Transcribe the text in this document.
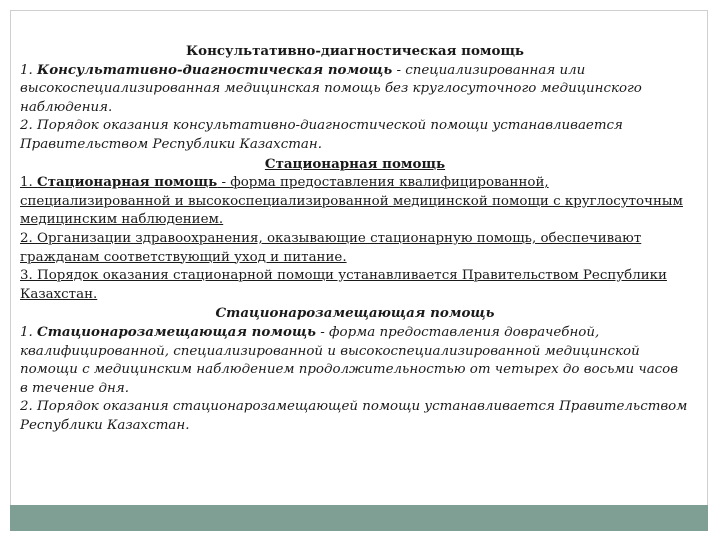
Консультативно-диагностическая помощь

1. Консультативно-диагностическая помощь - специализированная или высокоспециализированная медицинская помощь без круглосуточного медицинского наблюдения.

2. Порядок оказания консультативно-диагностической помощи устанавливается Правительством Республики Казахстан.

Стационарная помощь

1. Стационарная помощь - форма предоставления квалифицированной, специализированной и высокоспециализированной медицинской помощи с круглосуточным медицинским наблюдением.

2. Организации здравоохранения, оказывающие стационарную помощь, обеспечивают гражданам соответствующий уход и питание.

3. Порядок оказания стационарной помощи устанавливается Правительством Республики Казахстан.

Стационарозамещающая помощь

1. Стационарозамещающая помощь - форма предоставления доврачебной, квалифицированной, специализированной и высокоспециализированной медицинской помощи с медицинским наблюдением продолжительностью от четырех до восьми часов в течение дня.

2. Порядок оказания стационарозамещающей помощи устанавливается Правительством Республики Казахстан.
